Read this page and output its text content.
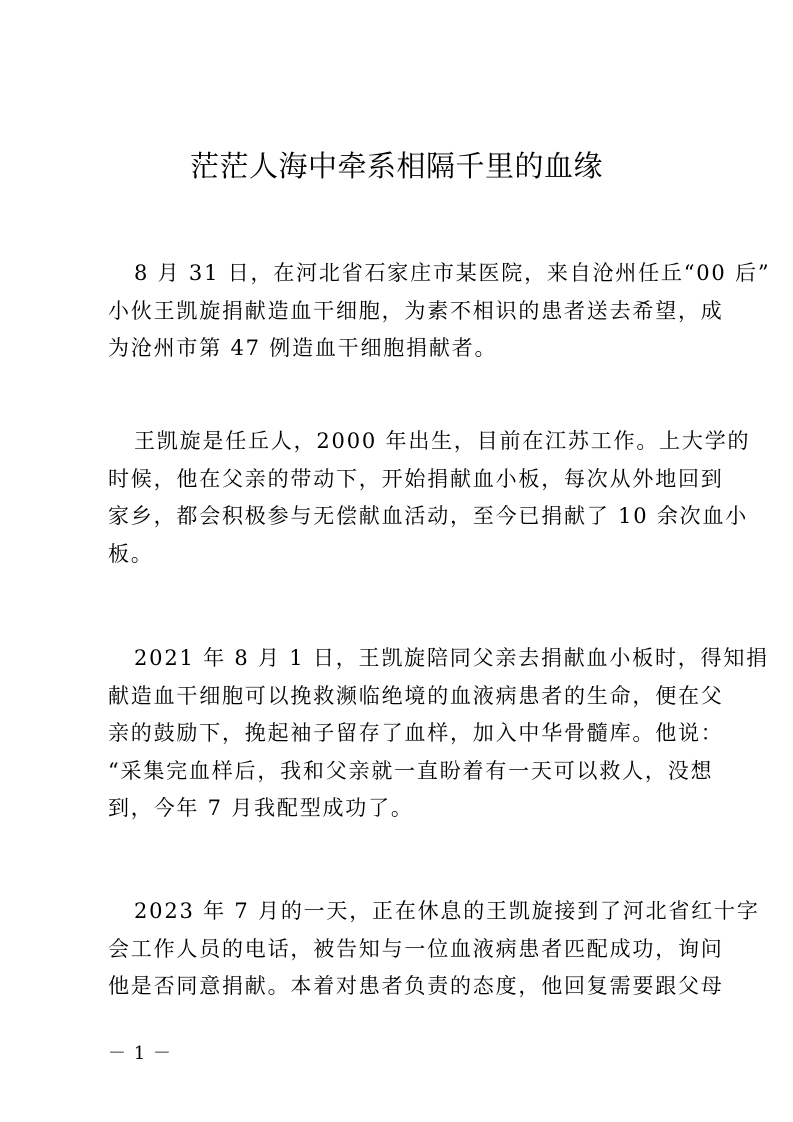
茫茫人海中牵系相隔千里的血缘
8 月 31 日，在河北省石家庄市某医院，来自沧州任丘“00 后”
小伙王凯旋捐献造血干细胞，为素不相识的患者送去希望，成
为沧州市第 47 例造血干细胞捐献者。
王凯旋是任丘人，2000 年出生，目前在江苏工作。上大学的
时候，他在父亲的带动下，开始捐献血小板，每次从外地回到
家乡，都会积极参与无偿献血活动，至今已捐献了 10 余次血小
板。
2021 年 8 月 1 日，王凯旋陪同父亲去捐献血小板时，得知捐
献造血干细胞可以挽救濒临绝境的血液病患者的生命，便在父
亲的鼓励下，挽起袖子留存了血样，加入中华骨髓库。他说：
“采集完血样后，我和父亲就一直盼着有一天可以救人，没想
到，今年 7 月我配型成功了。
2023 年 7 月的一天，正在休息的王凯旋接到了河北省红十字
会工作人员的电话，被告知与一位血液病患者匹配成功，询问
他是否同意捐献。本着对患者负责的态度，他回复需要跟父母
－ 1 －
